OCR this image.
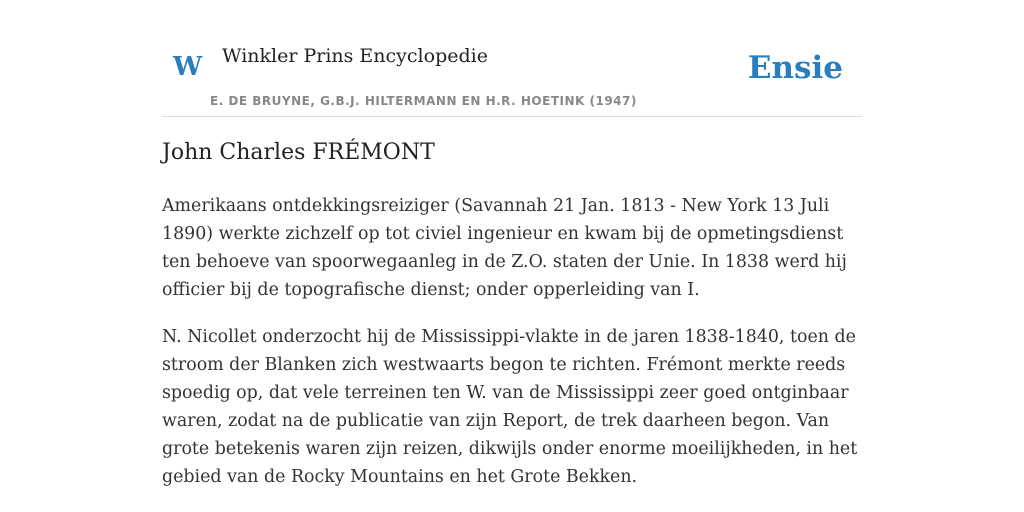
W Winkler Prins Encyclopedie	Ensie
E. DE BRUYNE, G.B.J. HILTERMANN EN H.R. HOETINK (1947)
John Charles FRÉMONT

Amerikaans ontdekkingsreiziger (Savannah 21 Jan. 1813 - New York 13 Juli 1890) werkte zichzelf op tot civiel ingenieur en kwam bij de opmetingsdienst ten behoeve van spoorwegaanleg in de Z.O. staten der Unie. In 1838 werd hij officier bij de topografische dienst; onder opperleiding van I.

N. Nicollet onderzocht hij de Mississippi-vlakte in de jaren 1838-1840, toen de stroom der Blanken zich westwaarts begon te richten. Frémont merkte reeds spoedig op, dat vele terreinen ten W. van de Mississippi zeer goed ontginbaar waren, zodat na de publicatie van zijn Report, de trek daarheen begon. Van grote betekenis waren zijn reizen, dikwijls onder enorme moeilijkheden, in het gebied van de Rocky Mountains en het Grote Bekken.
